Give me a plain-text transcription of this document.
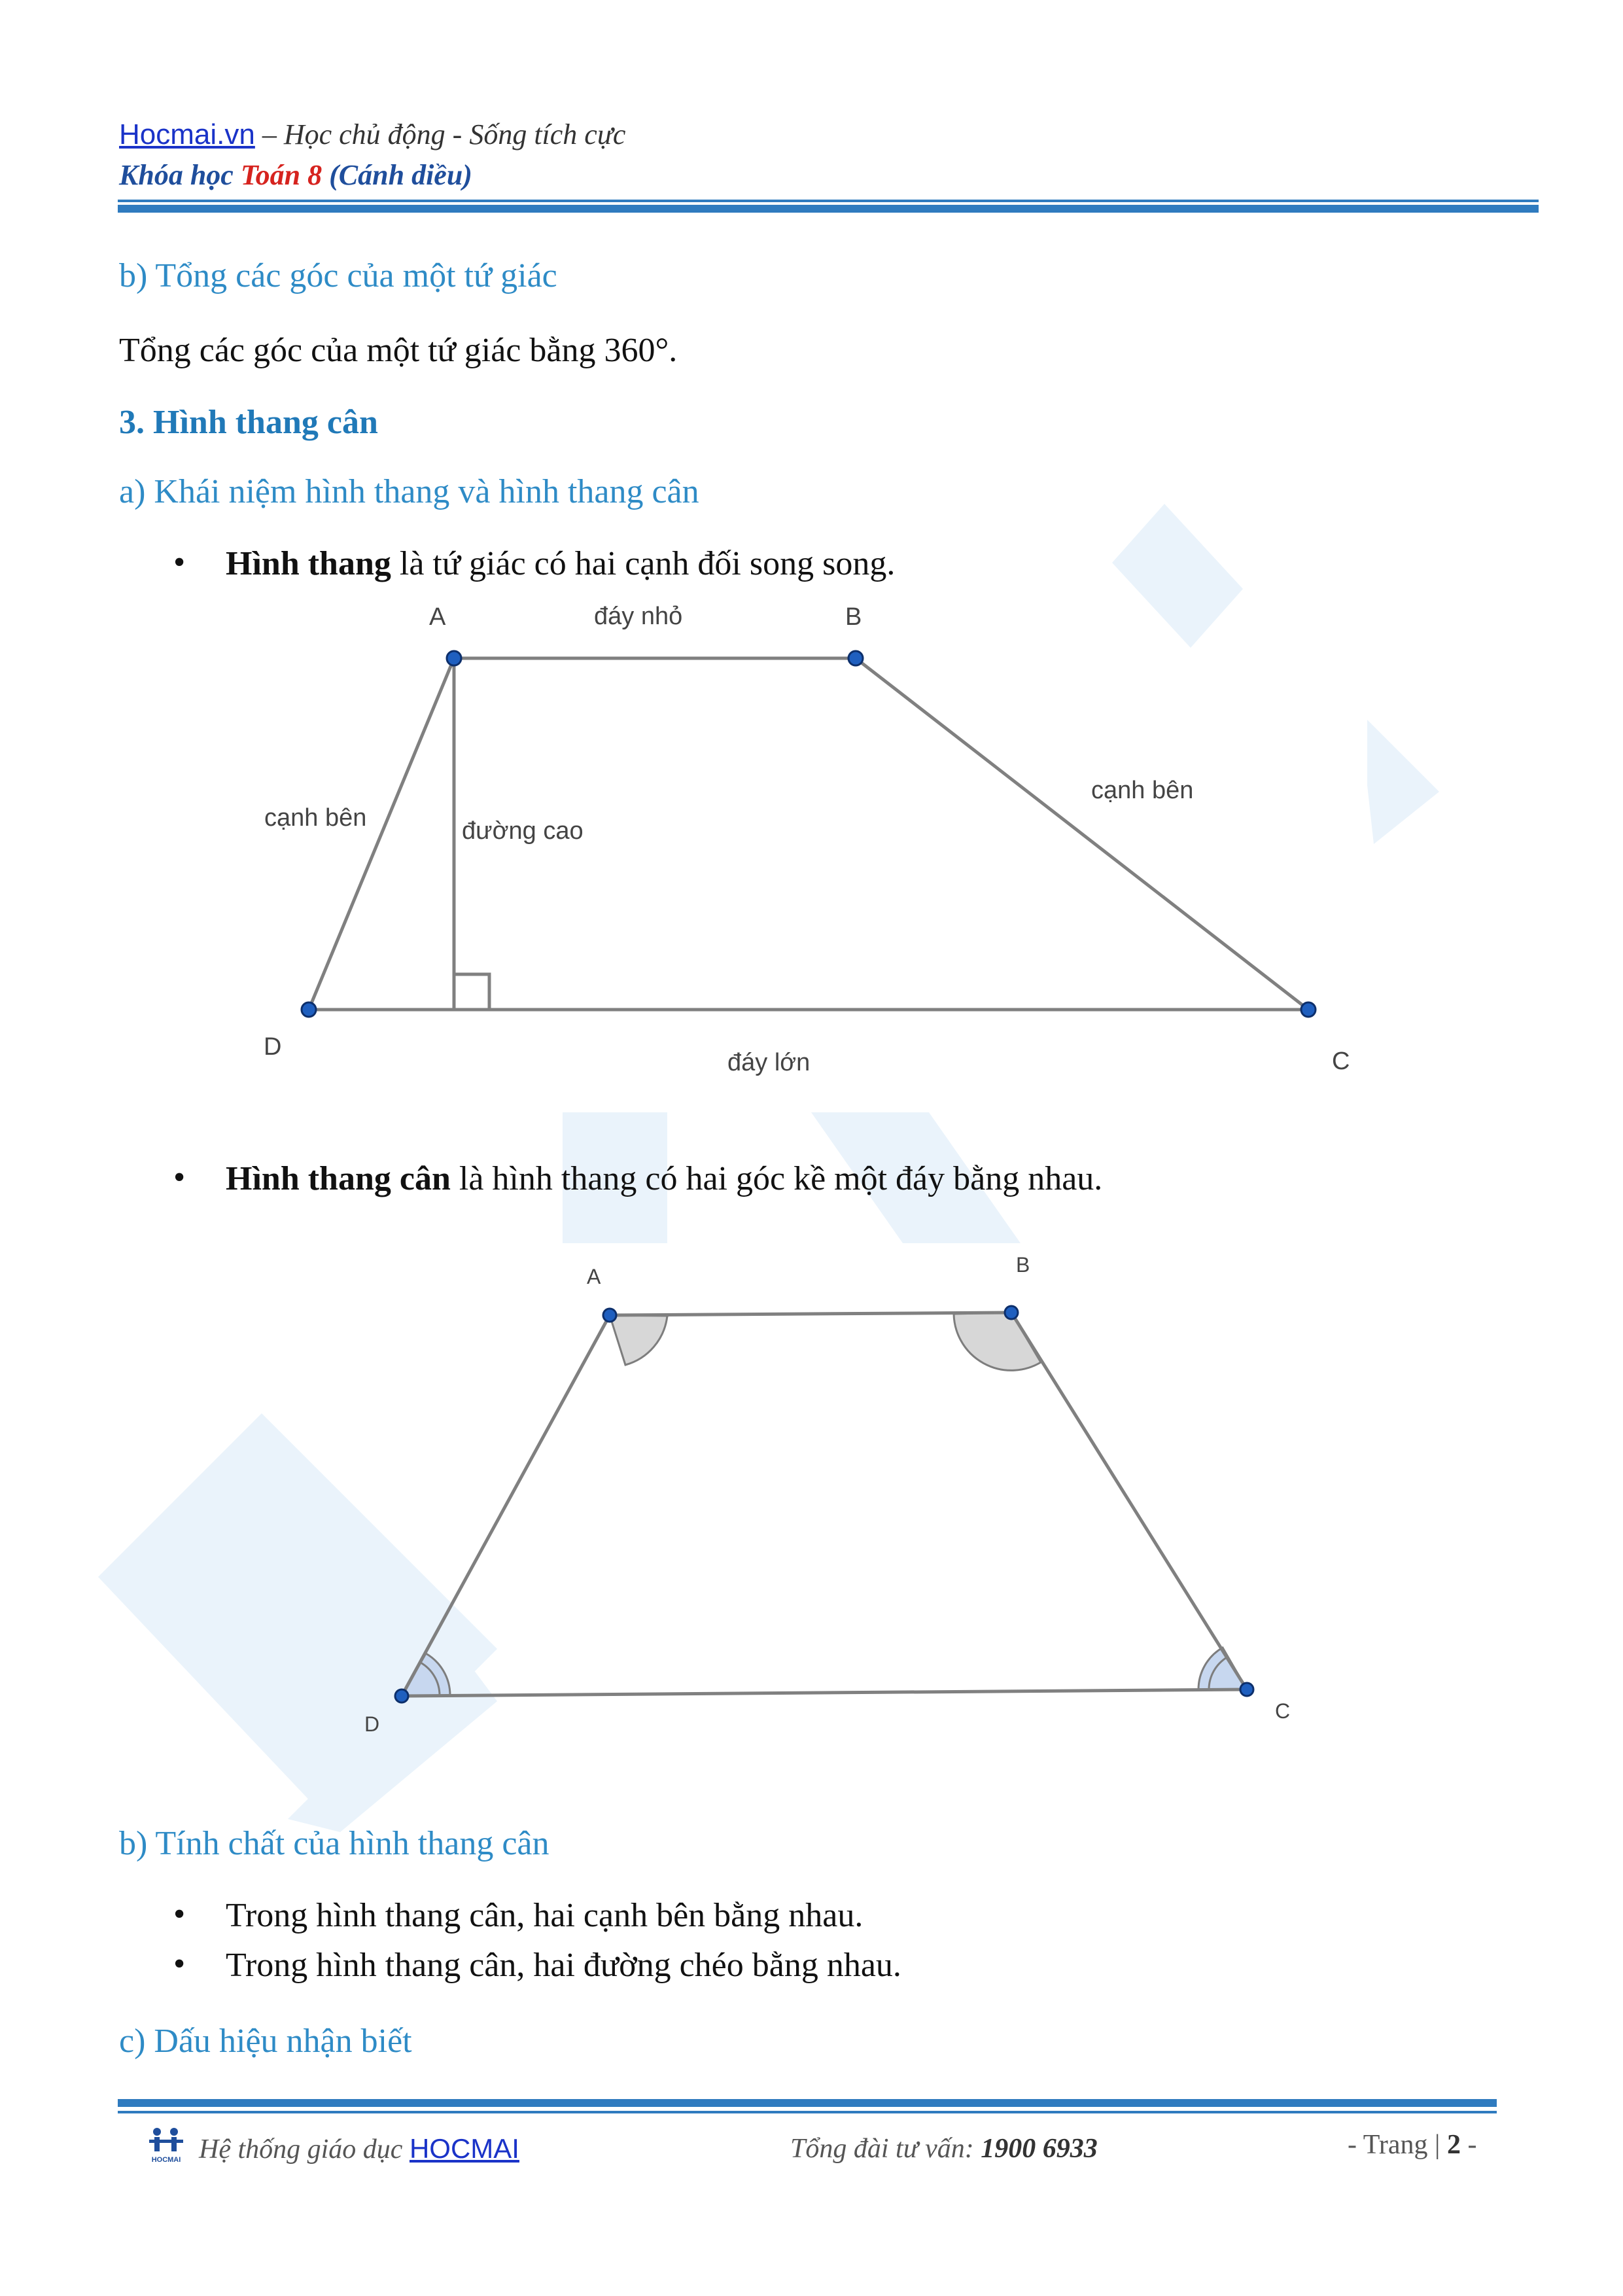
Hocmai.vn – Học chủ động - Sống tích cực
Khóa học Toán 8 (Cánh diều)
b) Tổng các góc của một tứ giác
Tổng các góc của một tứ giác bằng 360°.
3. Hình thang cân
a) Khái niệm hình thang và hình thang cân
• Hình thang là tứ giác có hai cạnh đối song song.
A	B
C
D
đáy nhỏ
đáy lớn
cạnh bên
cạnh bên
đường cao
• Hình thang cân là hình thang có hai góc kề một đáy bằng nhau.
A	B
C
D
b) Tính chất của hình thang cân
• Trong hình thang cân, hai cạnh bên bằng nhau.
• Trong hình thang cân, hai đường chéo bằng nhau.
c) Dấu hiệu nhận biết
HOCMAI Hệ thống giáo dục HOCMAI	Tổng đài tư vấn: 1900 6933	- Trang | 2 -
